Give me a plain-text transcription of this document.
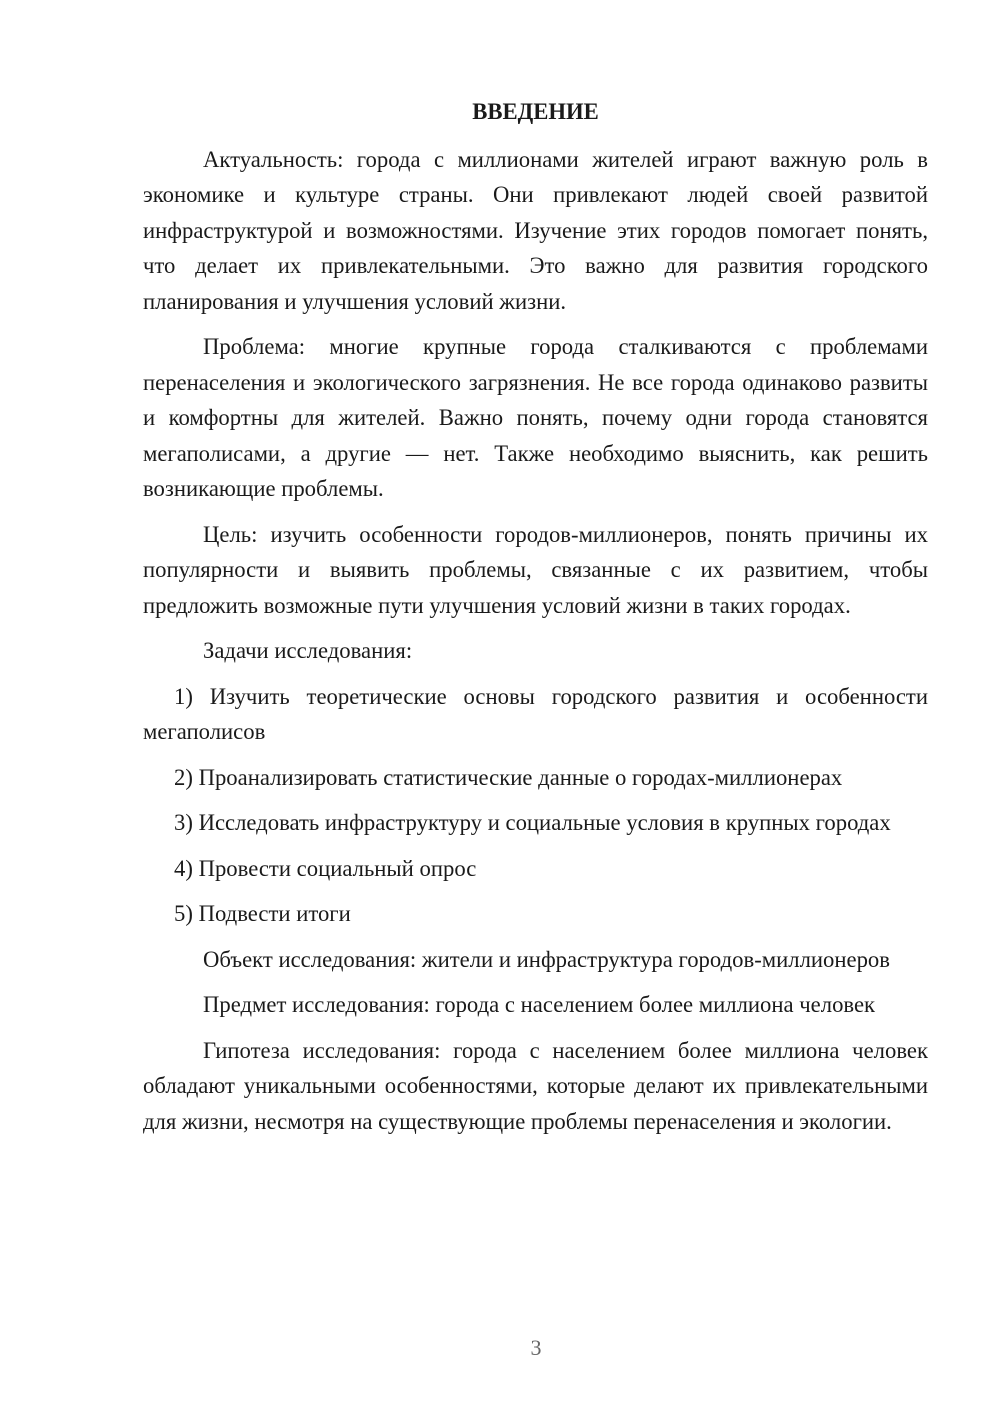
ВВЕДЕНИЕ

Актуальность: города с миллионами жителей играют важную роль в экономике и культуре страны. Они привлекают людей своей развитой инфраструктурой и возможностями. Изучение этих городов помогает понять, что делает их привлекательными. Это важно для развития городского планирования и улучшения условий жизни.

Проблема: многие крупные города сталкиваются с проблемами перенаселения и экологического загрязнения. Не все города одинаково развиты и комфортны для жителей. Важно понять, почему одни города становятся мегаполисами, а другие — нет. Также необходимо выяснить, как решить возникающие проблемы.

Цель: изучить особенности городов-миллионеров, понять причины их популярности и выявить проблемы, связанные с их развитием, чтобы предложить возможные пути улучшения условий жизни в таких городах.

Задачи исследования:

1) Изучить теоретические основы городского развития и особенности мегаполисов

2) Проанализировать статистические данные о городах-миллионерах

3) Исследовать инфраструктуру и социальные условия в крупных городах

4) Провести социальный опрос

5) Подвести итоги

Объект исследования: жители и инфраструктура городов-миллионеров

Предмет исследования: города с населением более миллиона человек

Гипотеза исследования: города с населением более миллиона человек обладают уникальными особенностями, которые делают их привлекательными для жизни, несмотря на существующие проблемы перенаселения и экологии.

3
